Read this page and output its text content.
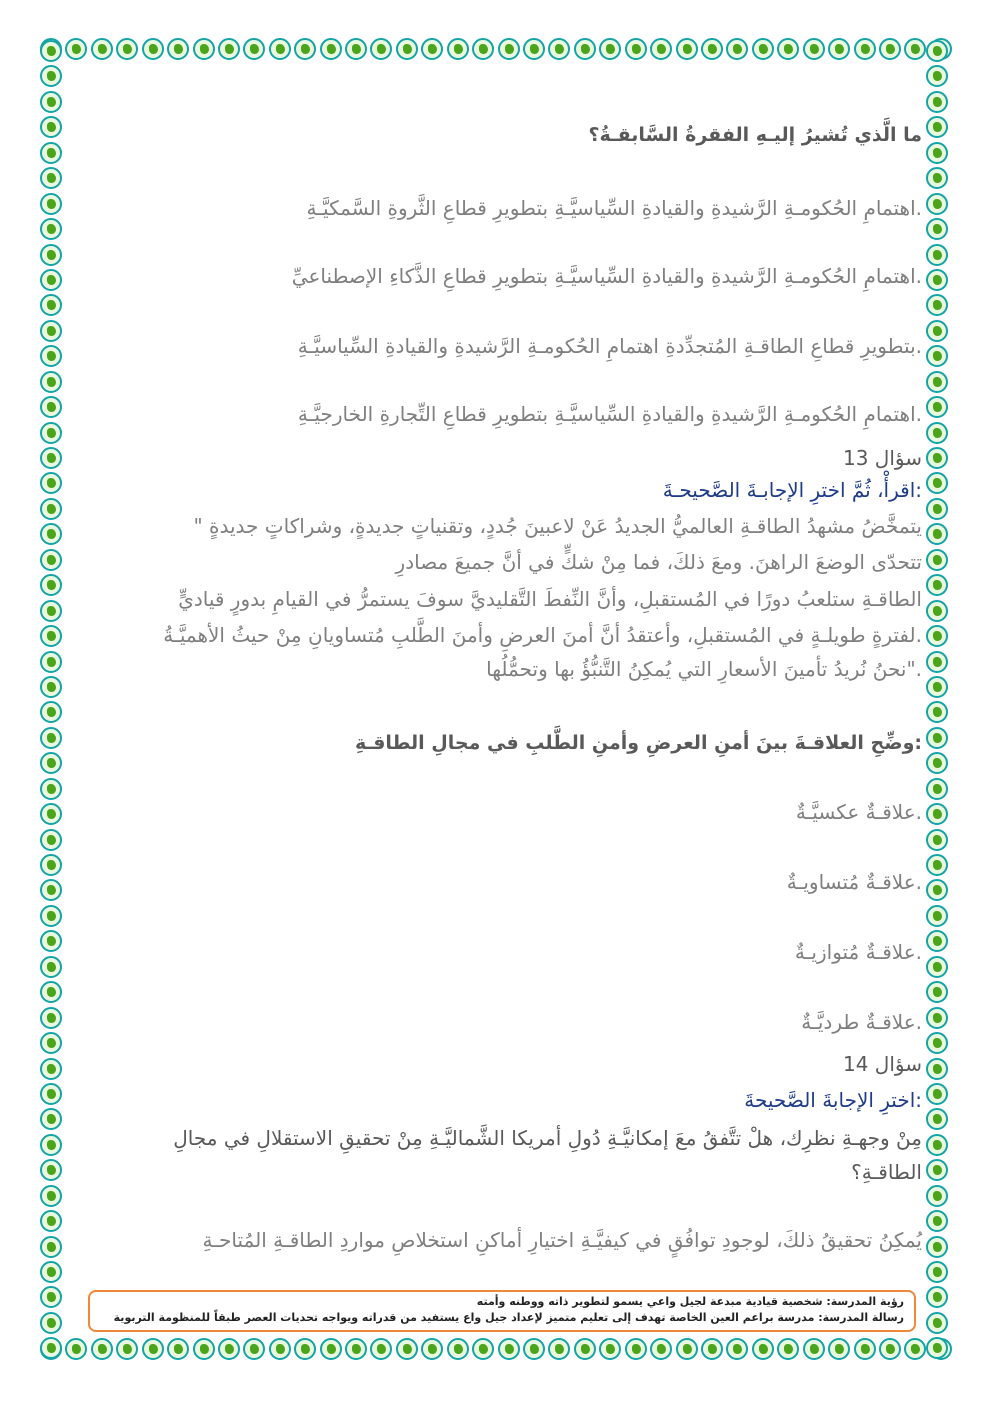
ما الَّذي تُشيرُ إليـهِ الفقرةُ السَّابقـةُ؟
.اهتمامِ الحُكومـةِ الرَّشيدةِ والقيادةِ السِّياسيَّـةِ بتطويرِ قطاعِ الثَّروةِ السَّمكيَّـةِ
.اهتمامِ الحُكومـةِ الرَّشيدةِ والقيادةِ السِّياسيَّـةِ بتطويرِ قطاعِ الذَّكاءِ الإصطناعيِّ
.بتطويرِ قطاعِ الطاقـةِ المُتجدِّدةِ اهتمامِ الحُكومـةِ الرَّشيدةِ والقيادةِ السِّياسيَّـةِ
.اهتمامِ الحُكومـةِ الرَّشيدةِ والقيادةِ السِّياسيَّـةِ بتطويرِ قطاعِ التِّجارةِ الخارجيَّـةِ
سؤال 13
:اقرأْ، ثُمَّ اخترِ الإجابـةَ الصَّحيحـةَ
يتمخَّضُ مشهدُ الطاقـةِ العالميُّ الجديدُ عَنْ لاعبينَ جُددٍ، وتقنياتٍ جديدةٍ، وشراكاتٍ جديدةٍ "
تتحدّى الوضعَ الراهنَ. ومعَ ذلكَ، فما مِنْ شكٍّ في أنَّ جميعَ مصادرِ
الطاقـةِ ستلعبُ دورًا في المُستقبلِ، وأنَّ النِّفطَ التَّقليديَّ سوفَ يستمرُّ في القيامِ بدورٍ قياديٍّ
.لفترةٍ طويلـةٍ في المُستقبلِ، وأعتقدُ أنَّ أمنَ العرضِ وأمنَ الطَّلبِ مُتساويانِ مِنْ حيثُ الأهميَّـةُ
."نحنُ نُريدُ تأمينَ الأسعارِ التي يُمكِنُ التَّنبُّؤُ بها وتحمُّلُها
:وضِّحِ العلاقـةَ بينَ أمنِ العرضِ وأمنِ الطَّلبِ في مجالِ الطاقـةِ
.علاقـةٌ عكسيَّـةٌ
.علاقـةٌ مُتساويـةٌ
.علاقـةٌ مُتوازيـةٌ
.علاقـةٌ طرديَّـةٌ
سؤال 14
:اخترِ الإجابةَ الصَّحيحةَ
مِنْ وجهـةِ نظرِك، هلْ تتَّفقُ معَ إمكانيَّـةِ دُولِ أمريكا الشَّماليَّـةِ مِنْ تحقيقِ الاستقلالِ في مجالِ
الطاقـةِ؟
يُمكِنُ تحقيقُ ذلكَ، لوجودِ توافُقٍ في كيفيَّـةِ اختيارِ أماكنِ استخلاصِ مواردِ الطاقـةِ المُتاحـةِ
رؤية المدرسة: شخصية قيادية مبدعة لجيل واعي يسمو لتطوير ذاته ووطنه وأمته
رسالة المدرسة: مدرسة براعم العين الخاصة تهدف إلى تعليم متميز لإعداد جيل واع يستفيد من قدراته ويواجه تحديات العصر طبقاً للمنظومة التربوية
